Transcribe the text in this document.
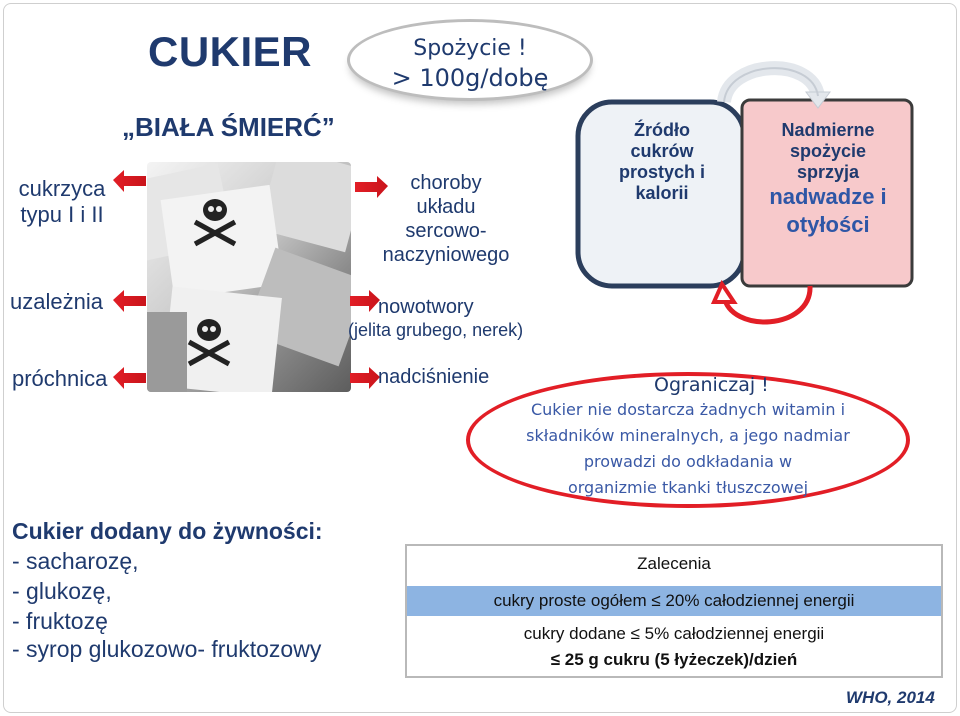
CUKIER
„BIAŁA ŚMIERĆ”
Spożycie !
> 100g/dobę
cukrzyca
typu I i II
uzależnia
próchnica
choroby
układu
sercowo-
naczyniowego
nowotwory
(jelita grubego, nerek)
nadciśnienie
Źródło
cukrów
prostych i
kalorii
Nadmierne
spożycie
sprzyja
nadwadze i
otyłości
Ograniczaj !
Cukier nie dostarcza żadnych witamin i
składników mineralnych, a jego nadmiar
prowadzi do odkładania w
organizmie tkanki tłuszczowej
Cukier dodany do żywności:
- sacharozę,
- glukozę,
- fruktozę
- syrop glukozowo- fruktozowy
Zalecenia
cukry proste ogółem ≤ 20% całodziennej energii
cukry dodane ≤ 5% całodziennej energii
≤ 25 g cukru (5 łyżeczek)/dzień
WHO, 2014
